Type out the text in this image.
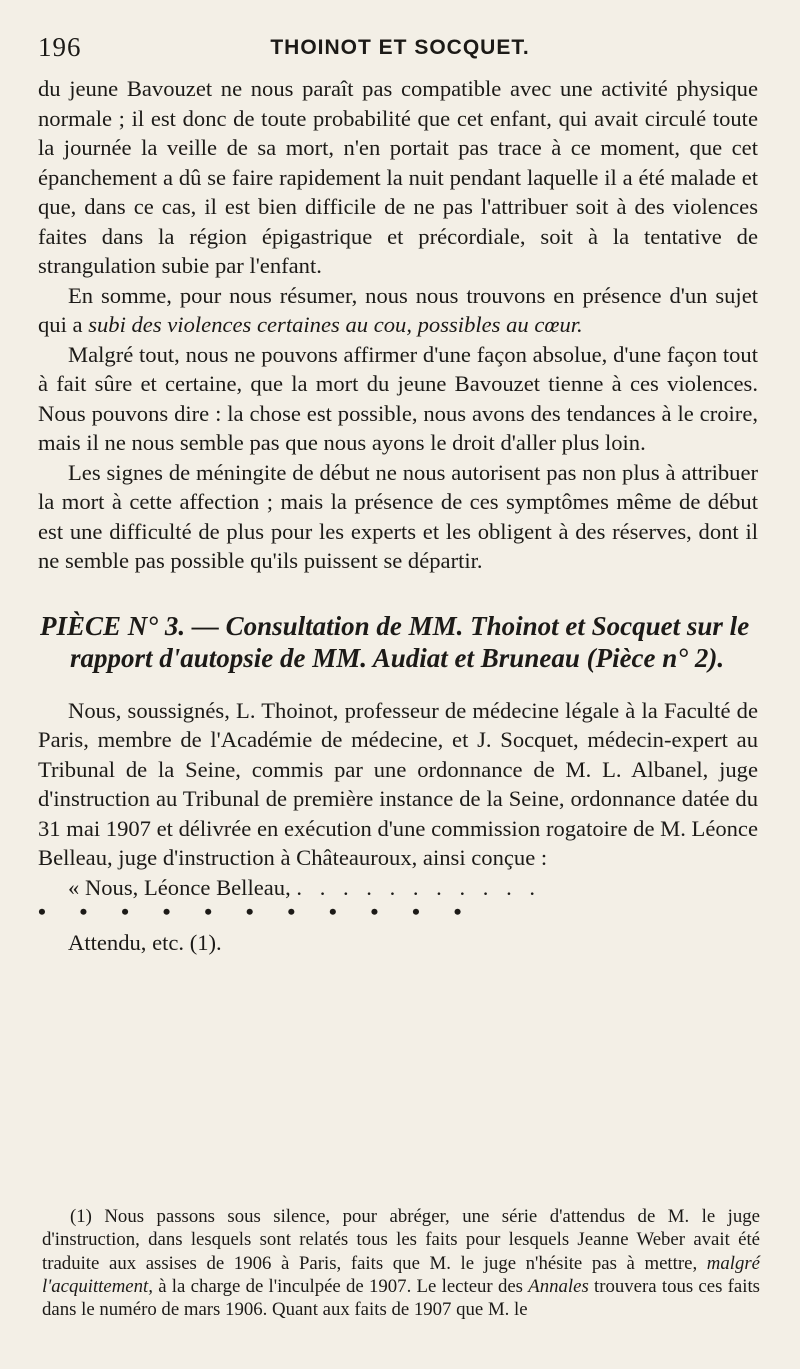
196	THOINOT ET SOCQUET.

du jeune Bavouzet ne nous paraît pas compatible avec une activité physique normale ; il est donc de toute probabilité que cet enfant, qui avait circulé toute la journée la veille de sa mort, n'en portait pas trace à ce moment, que cet épanchement a dû se faire rapidement la nuit pendant laquelle il a été malade et que, dans ce cas, il est bien difficile de ne pas l'attribuer soit à des violences faites dans la région épigastrique et précordiale, soit à la tentative de strangulation subie par l'enfant.

En somme, pour nous résumer, nous nous trouvons en présence d'un sujet qui a subi des violences certaines au cou, possibles au cœur.

Malgré tout, nous ne pouvons affirmer d'une façon absolue, d'une façon tout à fait sûre et certaine, que la mort du jeune Bavouzet tienne à ces violences. Nous pouvons dire : la chose est possible, nous avons des tendances à le croire, mais il ne nous semble pas que nous ayons le droit d'aller plus loin.

Les signes de méningite de début ne nous autorisent pas non plus à attribuer la mort à cette affection ; mais la présence de ces symptômes même de début est une difficulté de plus pour les experts et les obligent à des réserves, dont il ne semble pas possible qu'ils puissent se départir.

PIÈCE N° 3. — Consultation de MM. Thoinot et Socquet sur le rapport d'autopsie de MM. Audiat et Bruneau (Pièce n° 2).

Nous, soussignés, L. Thoinot, professeur de médecine légale à la Faculté de Paris, membre de l'Académie de médecine, et J. Socquet, médecin-expert au Tribunal de la Seine, commis par une ordonnance de M. L. Albanel, juge d'instruction au Tribunal de première instance de la Seine, ordonnance datée du 31 mai 1907 et délivrée en exécution d'une commission rogatoire de M. Léonce Belleau, juge d'instruction à Châteauroux, ainsi conçue :

« Nous, Léonce Belleau, . . . . . . . . . . .

• • • • • • • • • • •

Attendu, etc. (1).

(1) Nous passons sous silence, pour abréger, une série d'attendus de M. le juge d'instruction, dans lesquels sont relatés tous les faits pour lesquels Jeanne Weber avait été traduite aux assises de 1906 à Paris, faits que M. le juge n'hésite pas à mettre, malgré l'acquittement, à la charge de l'inculpée de 1907. Le lecteur des Annales trouvera tous ces faits dans le numéro de mars 1906. Quant aux faits de 1907 que M. le
